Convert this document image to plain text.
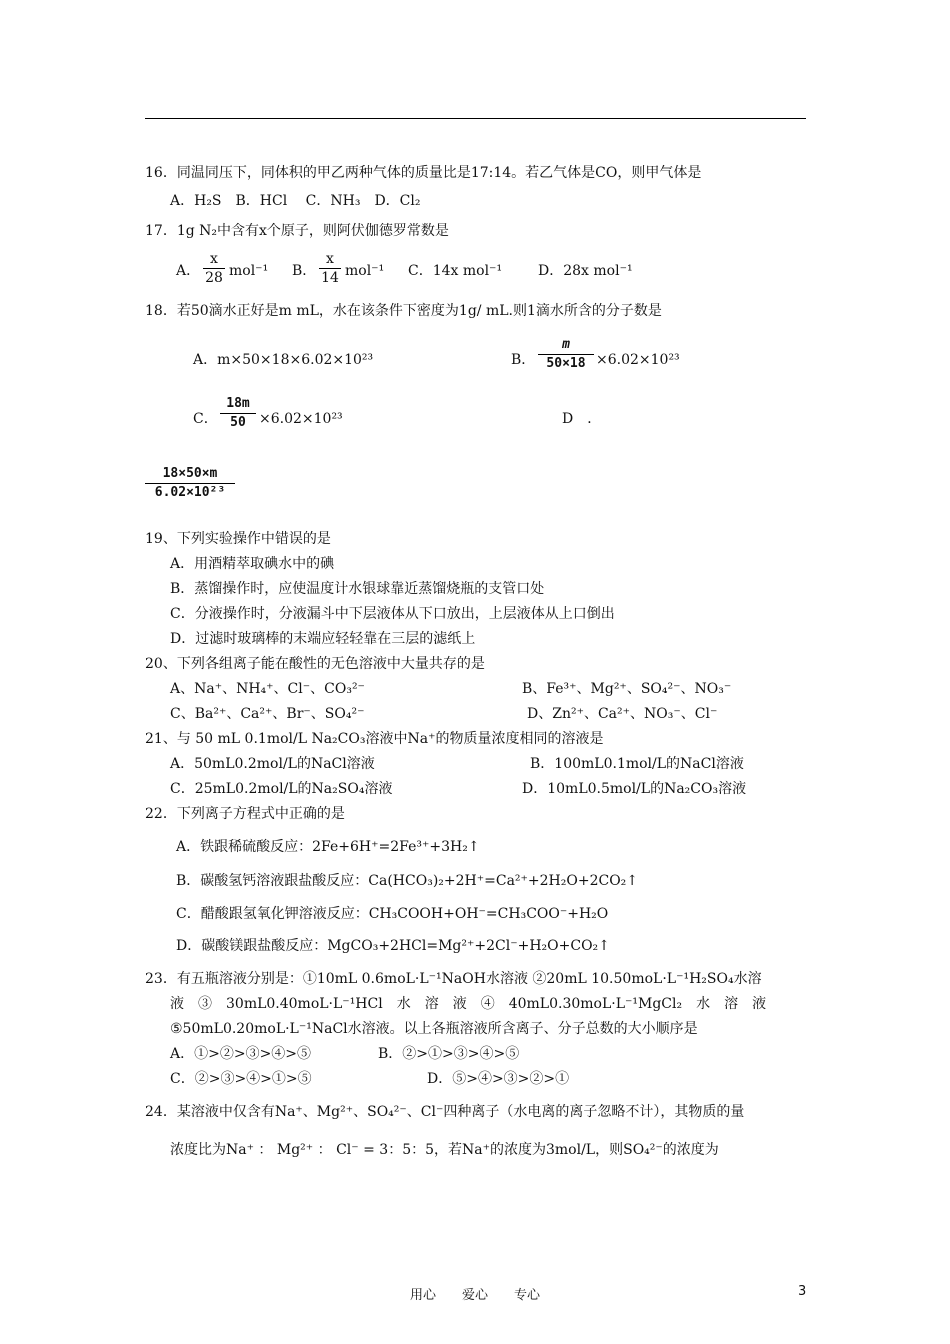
16．同温同压下，同体积的甲乙两种气体的质量比是17:14。若乙气体是CO，则甲气体是
A．H₂S　B．HCl　 C．NH₃　D．Cl₂
17．1g N₂中含有x个原子，则阿伏伽德罗常数是
A．
x
28 mol⁻¹ B．
x
14 mol⁻¹ C．14x mol⁻¹	D．28x mol⁻¹
18．若50滴水正好是m mL，水在该条件下密度为1g/ mL.则1滴水所含的分子数是
A．m×50×18×6.02×10²³	B．
m
50×18 ×6.02×10²³
C．
18m
50 ×6.02×10²³	D　．
18×50×m
6.02×10²³
19、下列实验操作中错误的是
A．用酒精萃取碘水中的碘
B．蒸馏操作时，应使温度计水银球靠近蒸馏烧瓶的支管口处
C．分液操作时，分液漏斗中下层液体从下口放出，上层液体从上口倒出
D．过滤时玻璃棒的末端应轻轻靠在三层的滤纸上
20、下列各组离子能在酸性的无色溶液中大量共存的是
A、Na⁺、NH₄⁺、Cl⁻、CO₃²⁻	B、Fe³⁺、Mg²⁺、SO₄²⁻、NO₃⁻
C、Ba²⁺、Ca²⁺、Br⁻、SO₄²⁻	D、Zn²⁺、Ca²⁺、NO₃⁻、Cl⁻
21、与 50 mL 0.1mol/L Na₂CO₃溶液中Na⁺的物质量浓度相同的溶液是
A．50mL0.2mol/L的NaCl溶液	B．100mL0.1mol/L的NaCl溶液
C．25mL0.2mol/L的Na₂SO₄溶液	D．10mL0.5mol/L的Na₂CO₃溶液
22．下列离子方程式中正确的是
A．铁跟稀硫酸反应：2Fe+6H⁺=2Fe³⁺+3H₂↑
B．碳酸氢钙溶液跟盐酸反应：Ca(HCO₃)₂+2H⁺=Ca²⁺+2H₂O+2CO₂↑
C．醋酸跟氢氧化钾溶液反应：CH₃COOH+OH⁻=CH₃COO⁻+H₂O
D．碳酸镁跟盐酸反应：MgCO₃+2HCl=Mg²⁺+2Cl⁻+H₂O+CO₂↑
23．有五瓶溶液分别是：①10mL 0.6moL·L⁻¹NaOH水溶液 ②20mL 10.50moL·L⁻¹H₂SO₄水溶
液　③　30mL0.40moL·L⁻¹HCl　水　溶　液　④　40mL0.30moL·L⁻¹MgCl₂　水　溶　液
⑤50mL0.20moL·L⁻¹NaCl水溶液。以上各瓶溶液所含离子、分子总数的大小顺序是
A．①>②>③>④>⑤	B．②>①>③>④>⑤
C．②>③>④>①>⑤	D．⑤>④>③>②>①
24．某溶液中仅含有Na⁺、Mg²⁺、SO₄²⁻、Cl⁻四种离子（水电离的离子忽略不计），其物质的量
浓度比为Na⁺ ： Mg²⁺ ： Cl⁻ = 3：5：5，若Na⁺的浓度为3mol/L，则SO₄²⁻的浓度为
用心　　爱心　　专心	3
